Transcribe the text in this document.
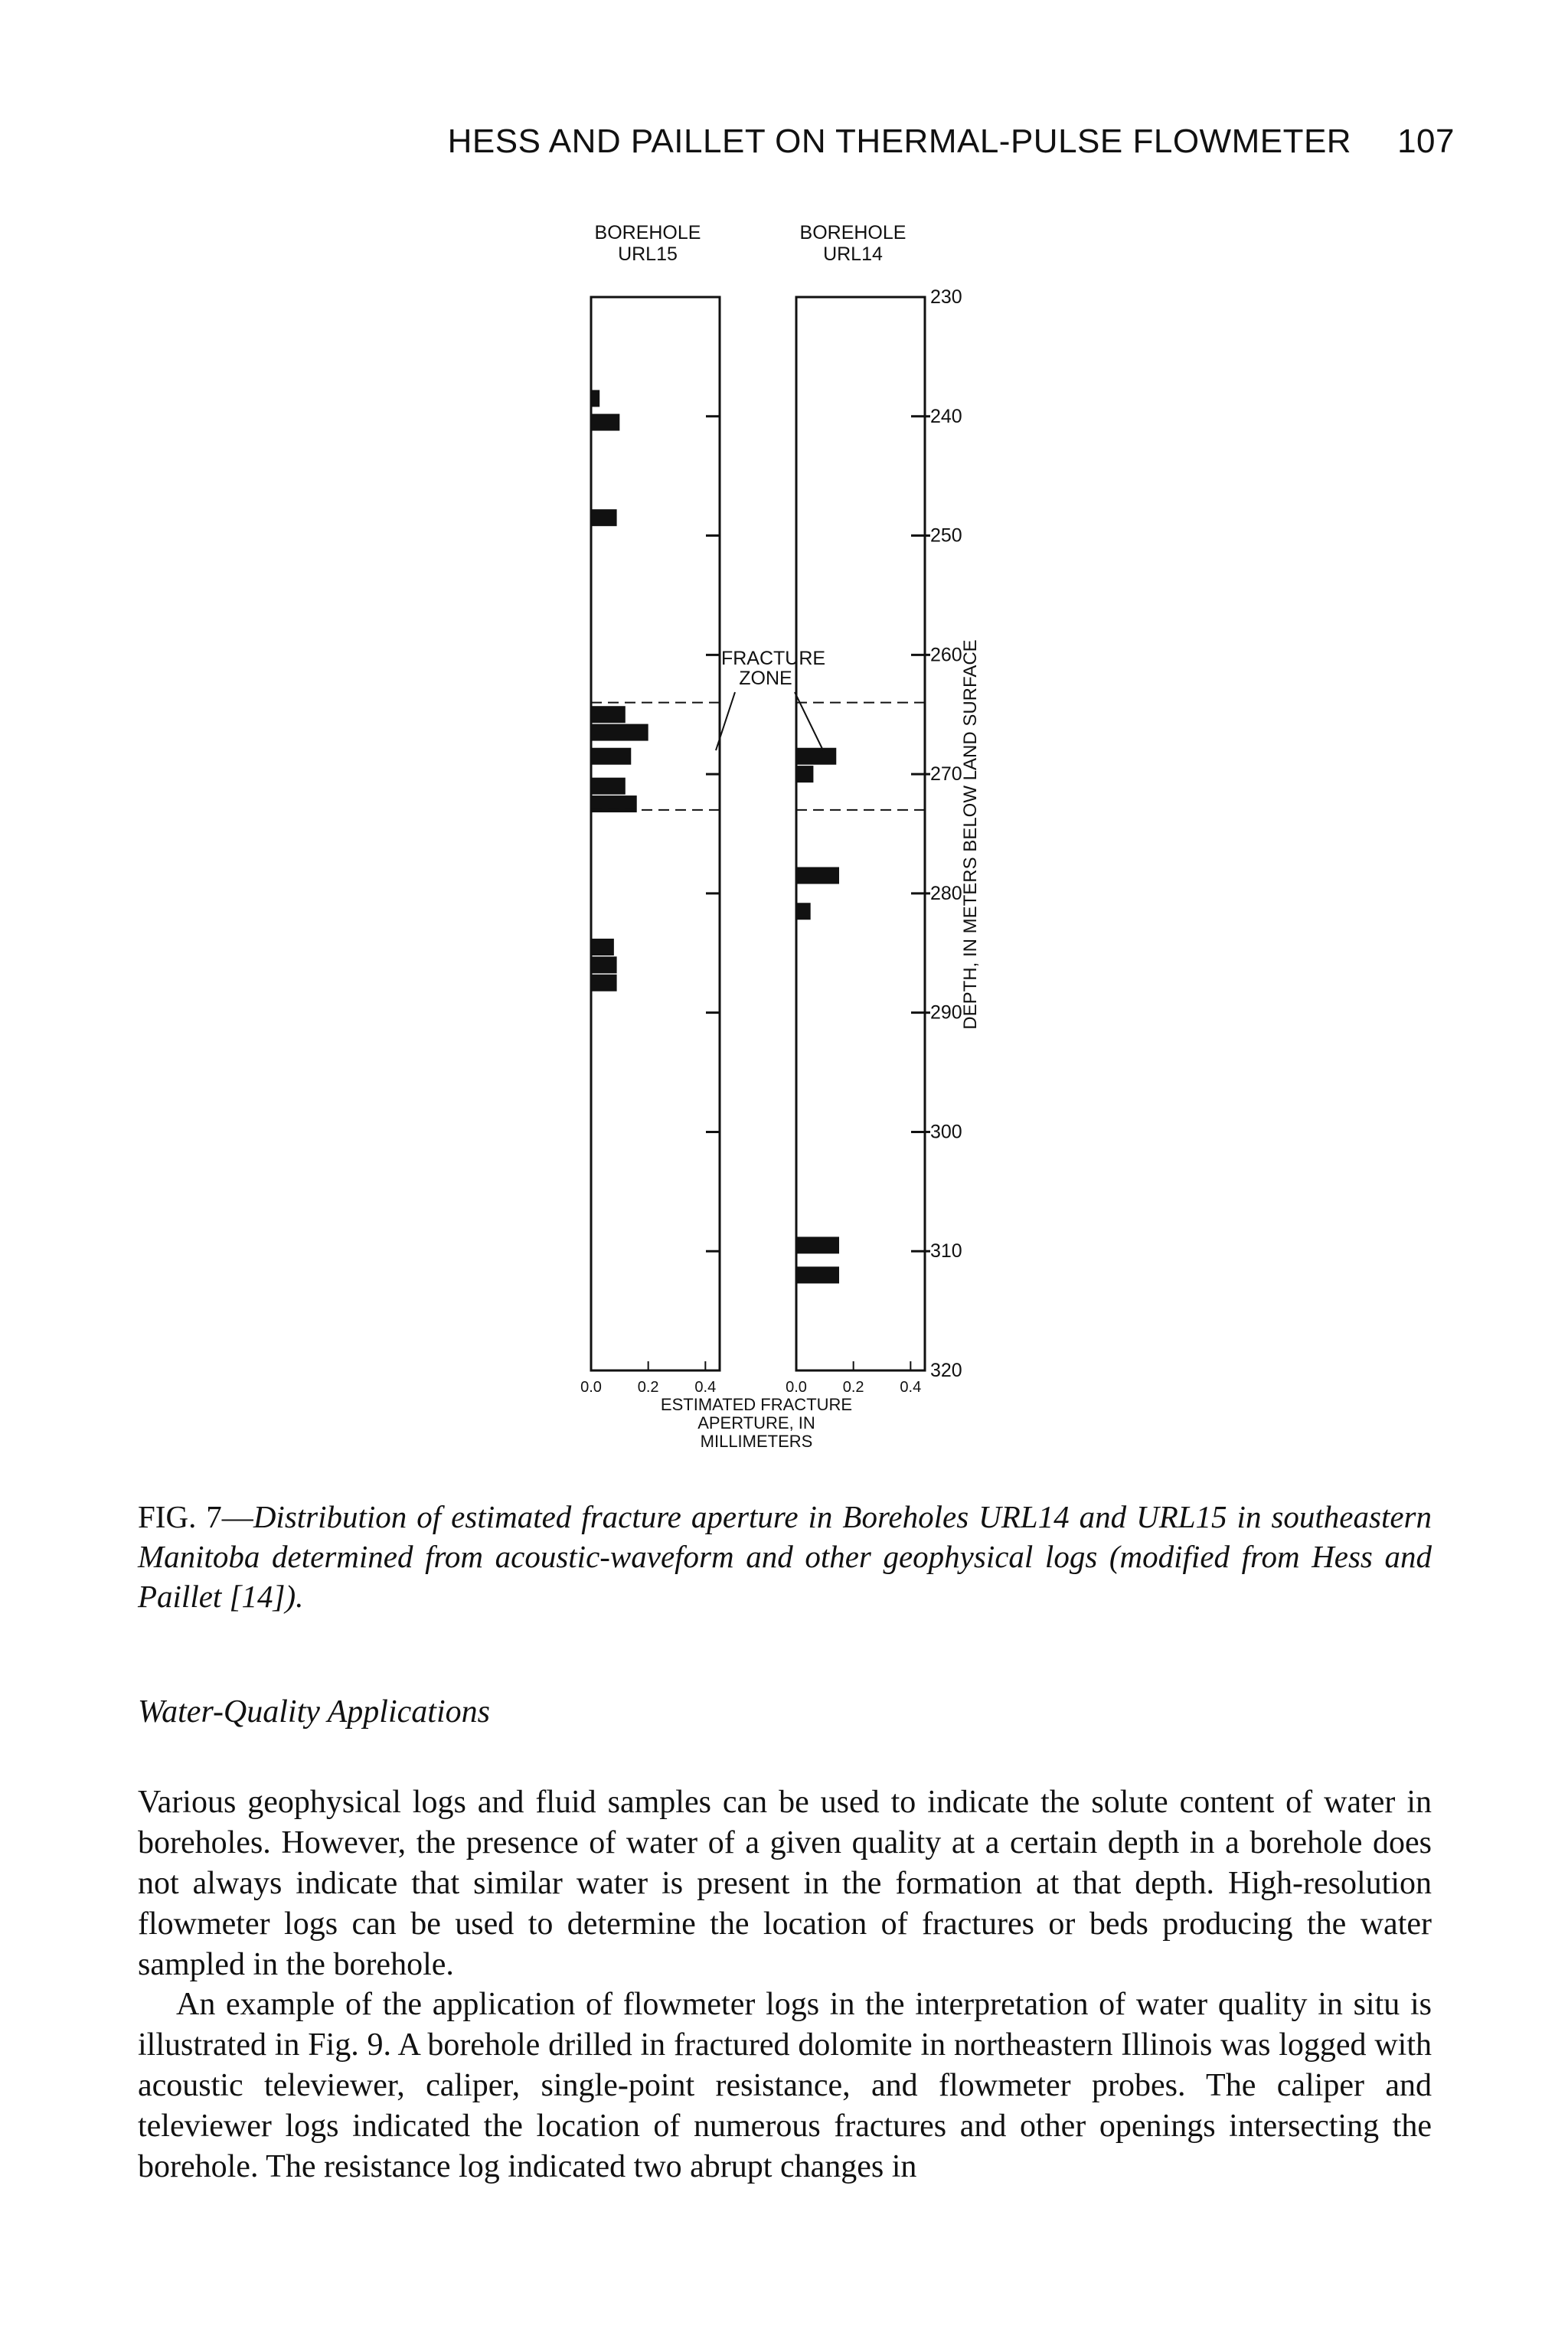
HESS AND PAILLET ON THERMAL-PULSE FLOWMETER 107
BOREHOLE
URL15
0.0 0.2 0.4
BOREHOLE
URL14
0.0 0.2 0.4
230
240
250
260
270
280
290
300
310
320
DEPTH, IN METERS BELOW LAND SURFACE
FRACTURE
ZONE
ESTIMATED FRACTURE
APERTURE, IN
MILLIMETERS
FIG. 7—Distribution of estimated fracture aperture in Boreholes URL14 and URL15 in southeastern Manitoba determined from acoustic-waveform and other geophysical logs (modified from Hess and Paillet [14]).
Water-Quality Applications

Various geophysical logs and fluid samples can be used to indicate the solute content of water in boreholes. However, the presence of water of a given quality at a certain depth in a borehole does not always indicate that similar water is present in the formation at that depth. High-resolution flowmeter logs can be used to determine the location of fractures or beds producing the water sampled in the borehole.

An example of the application of flowmeter logs in the interpretation of water quality in situ is illustrated in Fig. 9. A borehole drilled in fractured dolomite in northeastern Illinois was logged with acoustic televiewer, caliper, single-point resistance, and flowmeter probes. The caliper and televiewer logs indicated the location of numerous fractures and other openings intersecting the borehole. The resistance log indicated two abrupt changes in
